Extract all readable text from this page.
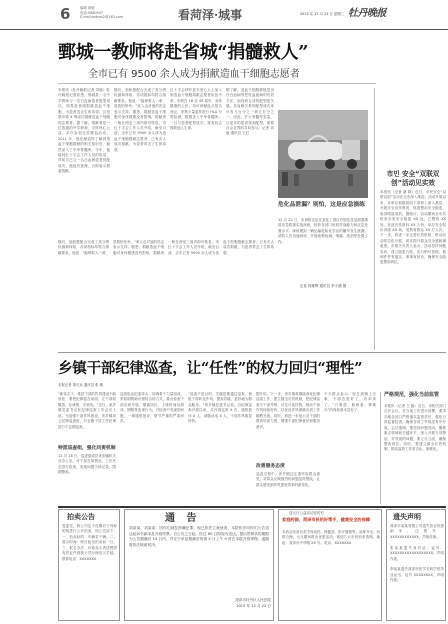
6	编辑 黄敏
电话:5680907
E-mail:mdnet2@163.com	看菏泽·城事	2015 年 12 月 23 日 星期三 牡丹晚报
鄄城一教师将赴省城“捐髓救人”
全市已有 9500 余人成为捐献造血干细胞志愿者
本报讯（牡丹晚报记者 刘晓）牡丹晚报记者获悉，鄄城县一名中学教师与一名白血病患者配型成功，即将赴省城捐献造血干细胞，为患者送去生的希望。这是我市第 X 例成功捐献造血干细胞的志愿者。据了解，捐献者是一位普通的中学教师，平时热心公益，多次参加无偿献血活动。2011 年，他在献血时了解到造血干细胞捐献的相关知识后，毅然加入了中华骨髓库。今年，他接到红十字会工作人员的电话，得知自己与一名白血病患者初配成功，他没有犹豫，当即表示愿意捐献。
随后，他积极配合完成了高分辨检测和体检，各项指标均符合捐献要求。他说：“能够救人一命，是我的荣幸。”家人也对他的决定表示支持。据悉，捐献造血干细胞对身体健康没有影响，捐献者一般在两至三周内即可恢复。市红十字会工作人员介绍，截至目前，全市已有 9500 余人成为造血干细胞捐献志愿者，已有多人成功捐献，为患者带去了生的希望。
红十字会呼吁更多爱心人士加入到造血干细胞捐献志愿者队伍中来。年龄在 18 至 45 周岁、身体健康的公民，均可到献血点报名登记，采集少量血样进行 HLA 分型检测，数据录入中华骨髓库。一旦与患者配型成功，将有机会挽救他人生命。
据了解，造血干细胞移植是治疗白血病等恶性血液病的有效方法，而找到合适的配型是关键。非血缘关系的配型成功率只有几百分之一到几万分之一。因此，扩大骨髓库容量，让更多的患者找到配型，需要社会各界的共同参与。记者 刘晓 通讯员 王红
危化品泄漏？别怕，这是应急演练
12 月 22 日，市消防支队在某化工园区开展危化品泄漏事故应急救援实战演练，检验各部门协同作战能力和应急处置水平。演练模拟一辆运输危险化学品的罐车发生泄漏，消防人员迅速到场，开展侦察检测、堵漏、洗消等处置工作。
记者 郭雅辉 通讯员 李子涵 摄
随后，他积极配合完成了高分辨检测和体检，各项指标均符合捐献要求。他说：“能够救人一命，是我的荣幸。”家人也对他的决定表示支持。据悉，捐献造血干细胞对身体健康没有影响，捐献者一般在两至三周内即可恢复。市红十字会工作人员介绍，截至目前，全市已有 9500 余人成为造血干细胞捐献志愿者，已有多人成功捐献，为患者带去了生的希望。
市민 安全“双联双创”活动见实效
本报讯（记者 谢 晓）近日，市民安全“双联双创”活动在全市深入推进。活动开展以来，各单位积极组织干部职工深入基层，开展安全宣传教育，排查整治安全隐患，取得明显成效。据统计，活动期间全市共排查各类安全隐患 XX 处，已整改 XX 处，发放宣传资料 XX 万份，举办安全知识讲座 XX 场，受教育群众 XX 万人次。下一步，将进一步完善长效机制，推动活动常态化开展，切实提升群众安全感和满意度。市相关负责人表示，活动坚持问题导向，建立隐患台账，实行销号管理，做到件件有落实、事事有回音，确保安全隐患整治到位。
乡镇干部纪律巡查，让“任性”的权力回归“理性”
本报记者 周长兵 通讯员 张 敏
“新常态下，基层干部的作风建设不能放松，要把纪律挺在前面，让干部知敬畏、存戒惧、守底线。”近日，某乡镇党委书记在纪律巡查工作会议上说。为加强干部作风建设，该乡镇成立纪律巡查组，对全镇干部工作纪律进行不定期巡查。
特派巡查组，强化问责机制
12 月 18 日，巡查组成员来到镇机关各办公室，对干部在岗情况、工作状态进行检查，发现问题当场记录，限期整改。
巡查组由纪委牵头，抽调骨干力量组成，采取明察暗访相结合的方式，重点检查干部迟到早退、擅离岗位、上班时间玩游戏、网购等违规行为。对检查中发现的问题，一律通报批评，情节严重的严肃问责。
“巡查不是目的，关键是要通过巡查，督促干部转变作风，提高效能，更好地为群众服务。”该乡镇纪委书记说。自纪律巡查开展以来，共开展巡查 X 次，通报批评 X 人，诫勉谈话 X 人，干部作风明显好转。
据介绍，下一步，该乡镇将继续深化纪律巡查工作，建立健全长效机制，把纪律巡查与干部考核、评先评优挂钩，推动干部作风持续好转，以优良作风保障各项工作顺利开展。同时，将进一步加大对干部的教育培训力度，增强干部纪律意识和服务意识。
改善服务态度
巡查过程中，该乡镇还注重听取群众意见，对群众反映强烈的问题及时整改，让群众感受到作风建设带来的新变化。
不少群众表示，现在到镇上办事，干部态度好了，效率高了，“门难进、脸难看、事难办”的现象基本没有了。
严格规范，强化当前监管
本报讯（记者 王 磊）近日，市相关部门召开会议，对当前工作进行部署，要求各地各部门严格落实监管责任，强化日常监督检查，确保各项工作规范有序开展。会议强调，要坚持问题导向，聚焦重点领域和关键环节，深入开展专项整治，对发现的问题，要立行立改，确保整改到位。同时，要建立健全长效机制，推动监管工作常态化、制度化。
拍卖公告
受委托，我公司定于近期对下列标的物进行公开拍卖，现公告如下：一、拍卖标的：车辆若干辆。二、展示时间：即日起至拍卖前一日。三、报名办法：有意竞买者请携带有效证件到我公司办理竞买手续。联系电话：XXXXXXX
通 告
刘某某、刘某某：因你们被控涉嫌犯罪，现已依法立案侦查，本院依法向你们公告送达起诉书副本及开庭传票。自公告之日起，经过 60 日即视为送达。提出答辩状的期限为公告期满后 15 日内，并定于举证期满后的第 X 日上午 9 时在本院开庭审理，逾期将依法缺席判决。
菏泽市牡丹区人民法院
2015 年 12 月 22 日
送元旦公益活动宣传栏
家庭药箱，菏泽市民的好帮手，健康安全的保障
本药店经营各类中西成药、保健品、医疗器械等，品种齐全，价格合理。元旦期间推出优惠活动，欢迎广大市民前来选购。地址：菏泽市中华路 XX 号。电话：XXXXXXX
遗失声明
菏泽市某某有限公司遗失营业执照副本，注册号：XXXXXXXXXXXX，声明作废。

张某某遗失身份证，证号：XXXXXXXXXXXXXXXXXX，声明作废。

李某某遗失菏泽市医学专科学校毕业证书，证号 XXXXXXXX，声明作废。
